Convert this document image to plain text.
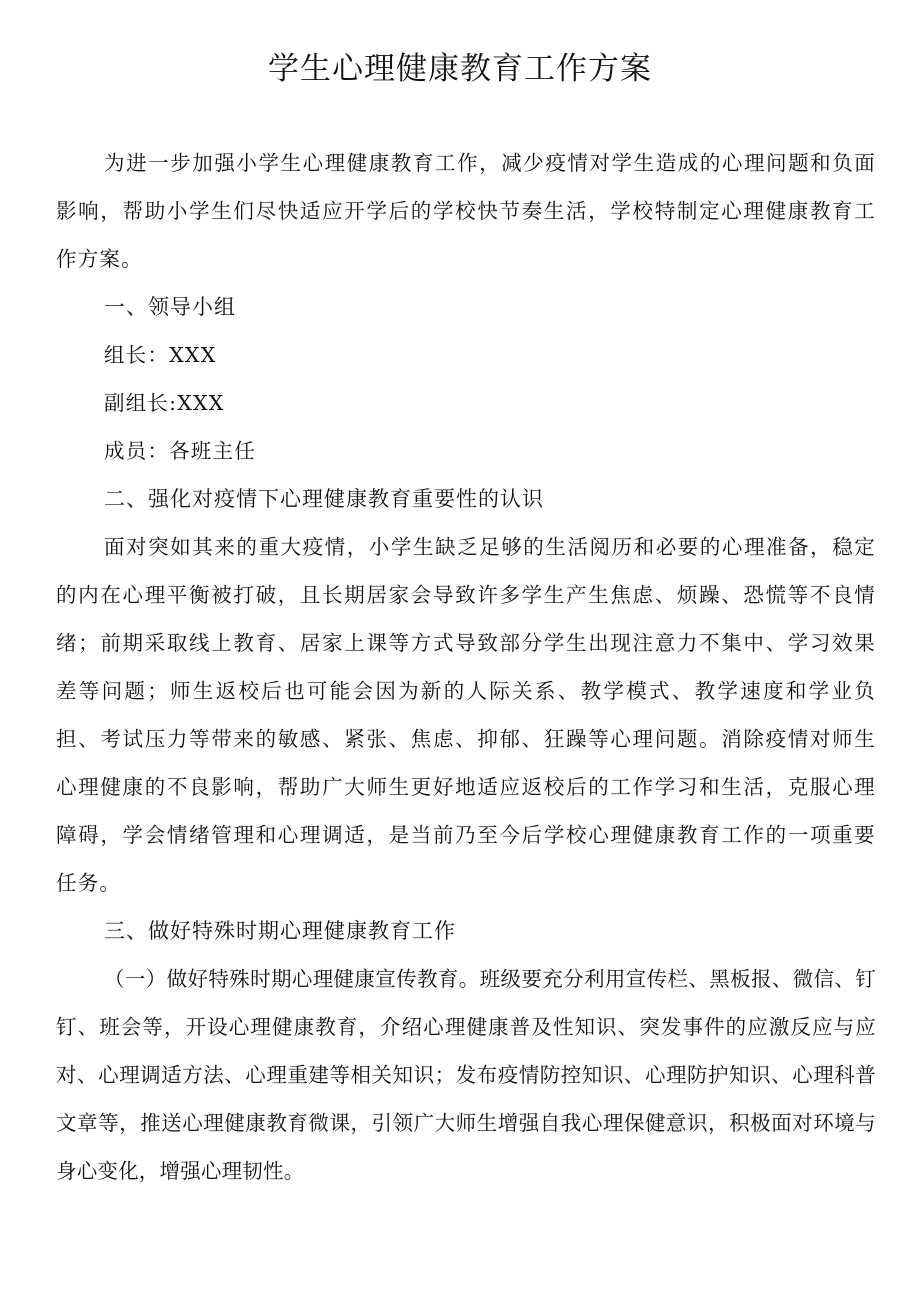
学生心理健康教育工作方案

为进一步加强小学生心理健康教育工作，减少疫情对学生造成的心理问题和负面影响，帮助小学生们尽快适应开学后的学校快节奏生活，学校特制定心理健康教育工作方案。

一、领导小组

组长：XXX

副组长:XXX

成员：各班主任

二、强化对疫情下心理健康教育重要性的认识

面对突如其来的重大疫情，小学生缺乏足够的生活阅历和必要的心理准备，稳定的内在心理平衡被打破，且长期居家会导致许多学生产生焦虑、烦躁、恐慌等不良情绪；前期采取线上教育、居家上课等方式导致部分学生出现注意力不集中、学习效果差等问题；师生返校后也可能会因为新的人际关系、教学模式、教学速度和学业负担、考试压力等带来的敏感、紧张、焦虑、抑郁、狂躁等心理问题。消除疫情对师生心理健康的不良影响，帮助广大师生更好地适应返校后的工作学习和生活，克服心理障碍，学会情绪管理和心理调适，是当前乃至今后学校心理健康教育工作的一项重要任务。

三、做好特殊时期心理健康教育工作

（一）做好特殊时期心理健康宣传教育。班级要充分利用宣传栏、黑板报、微信、钉钉、班会等，开设心理健康教育，介绍心理健康普及性知识、突发事件的应激反应与应对、心理调适方法、心理重建等相关知识；发布疫情防控知识、心理防护知识、心理科普文章等，推送心理健康教育微课，引领广大师生增强自我心理保健意识，积极面对环境与身心变化，增强心理韧性。
